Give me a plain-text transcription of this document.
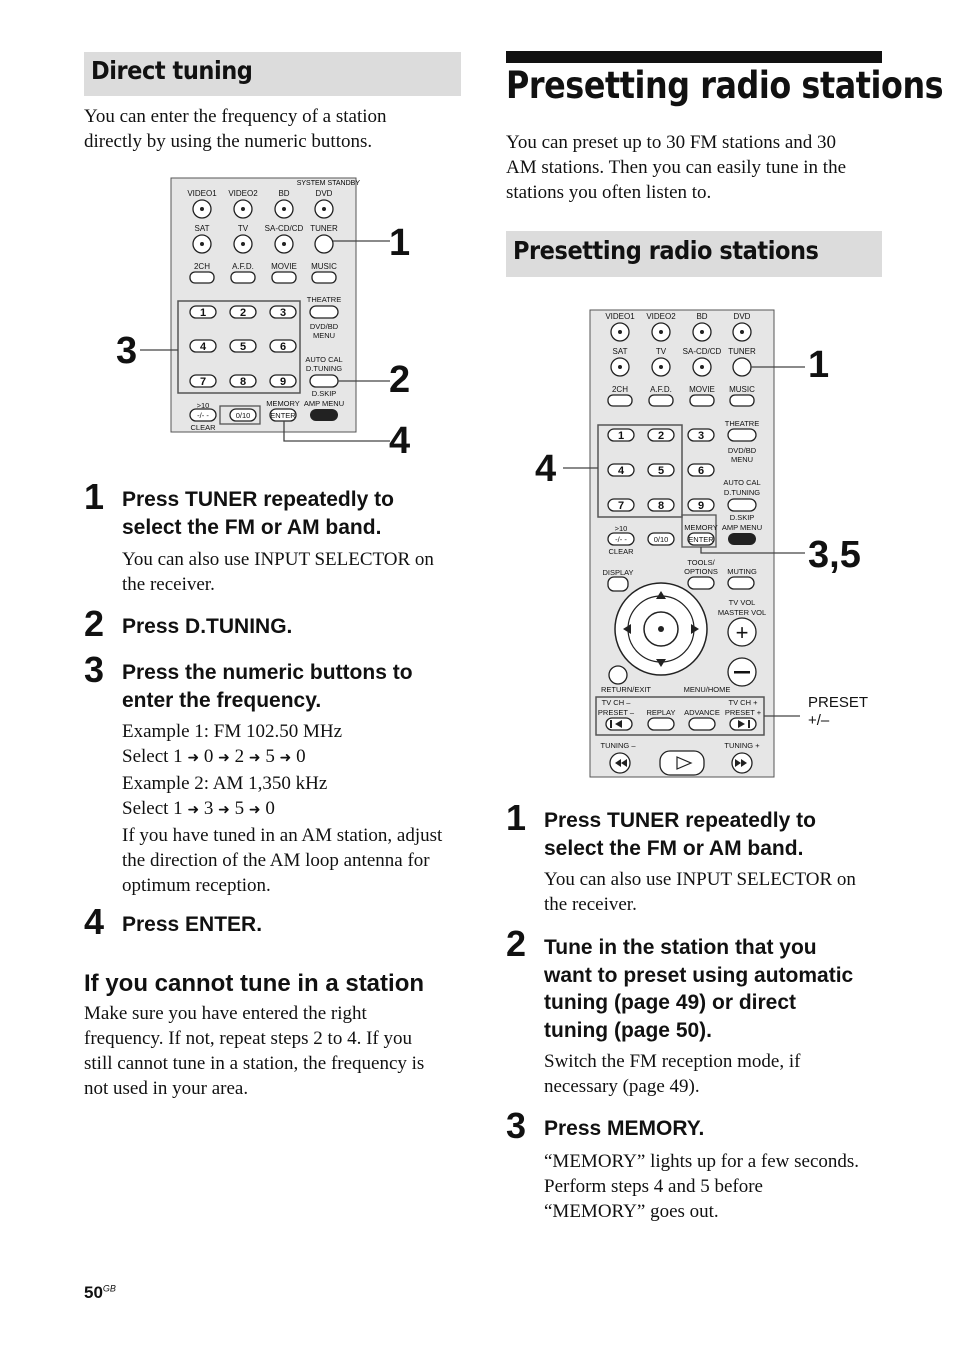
Direct tuning
You can enter the frequency of a station
directly by using the numeric buttons.
SYSTEM STANDBY
VIDEO1 VIDEO2	BD	DVD
SAT	TV SA-CD/CD TUNER
2CH	A.F.D. MOVIE MUSIC
1	2	3
4	5	6
7	8	9
THEATRE
DVD/BD
MENU
AUTO CAL
D.TUNING
D.SKIP
>10
-/- -	0/10
CLEAR
MEMORY
ENTER
AMP MENU
1
2
3
4
1 Press TUNER repeatedly to
select the FM or AM band.
You can also use INPUT SELECTOR on
the receiver.
2 Press D.TUNING.
3 Press the numeric buttons to
enter the frequency.
Example 1: FM 102.50 MHz
Select 1 ➜ 0 ➜ 2 ➜ 5 ➜ 0
Example 2: AM 1,350 kHz
Select 1 ➜ 3 ➜ 5 ➜ 0
If you have tuned in an AM station, adjust
the direction of the AM loop antenna for
optimum reception.
4 Press ENTER.
If you cannot tune in a station
Make sure you have entered the right
frequency. If not, repeat steps 2 to 4. If you
still cannot tune in a station, the frequency is
not used in your area.
Presetting radio stations
You can preset up to 30 FM stations and 30
AM stations. Then you can easily tune in the
stations you often listen to.
Presetting radio stations
VIDEO1 VIDEO2	BD	DVD
SAT	TV SA-CD/CD TUNER
2CH	A.F.D. MOVIE MUSIC
1	2	3
4	5	6
7	8	9
THEATRE
DVD/BD
MENU
AUTO CAL
D.TUNING
D.SKIP
>10
-/- -	0/10
CLEAR
MEMORY
ENTER
AMP MENU
DISPLAY
TOOLS/
OPTIONS MUTING
TV VOL
MASTER VOL
RETURN/EXIT	MENU/HOME
TV CH –
PRESET – REPLAY ADVANCE
TV CH +
PRESET +
TUNING –	TUNING +
+
1
4
3,5
PRESET
+/–
1 Press TUNER repeatedly to
select the FM or AM band.
You can also use INPUT SELECTOR on
the receiver.
2 Tune in the station that you
want to preset using automatic
tuning (page 49) or direct
tuning (page 50).
Switch the FM reception mode, if
necessary (page 49).
3 Press MEMORY.
“MEMORY” lights up for a few seconds.
Perform steps 4 and 5 before
“MEMORY” goes out.
$50^{GB}$
